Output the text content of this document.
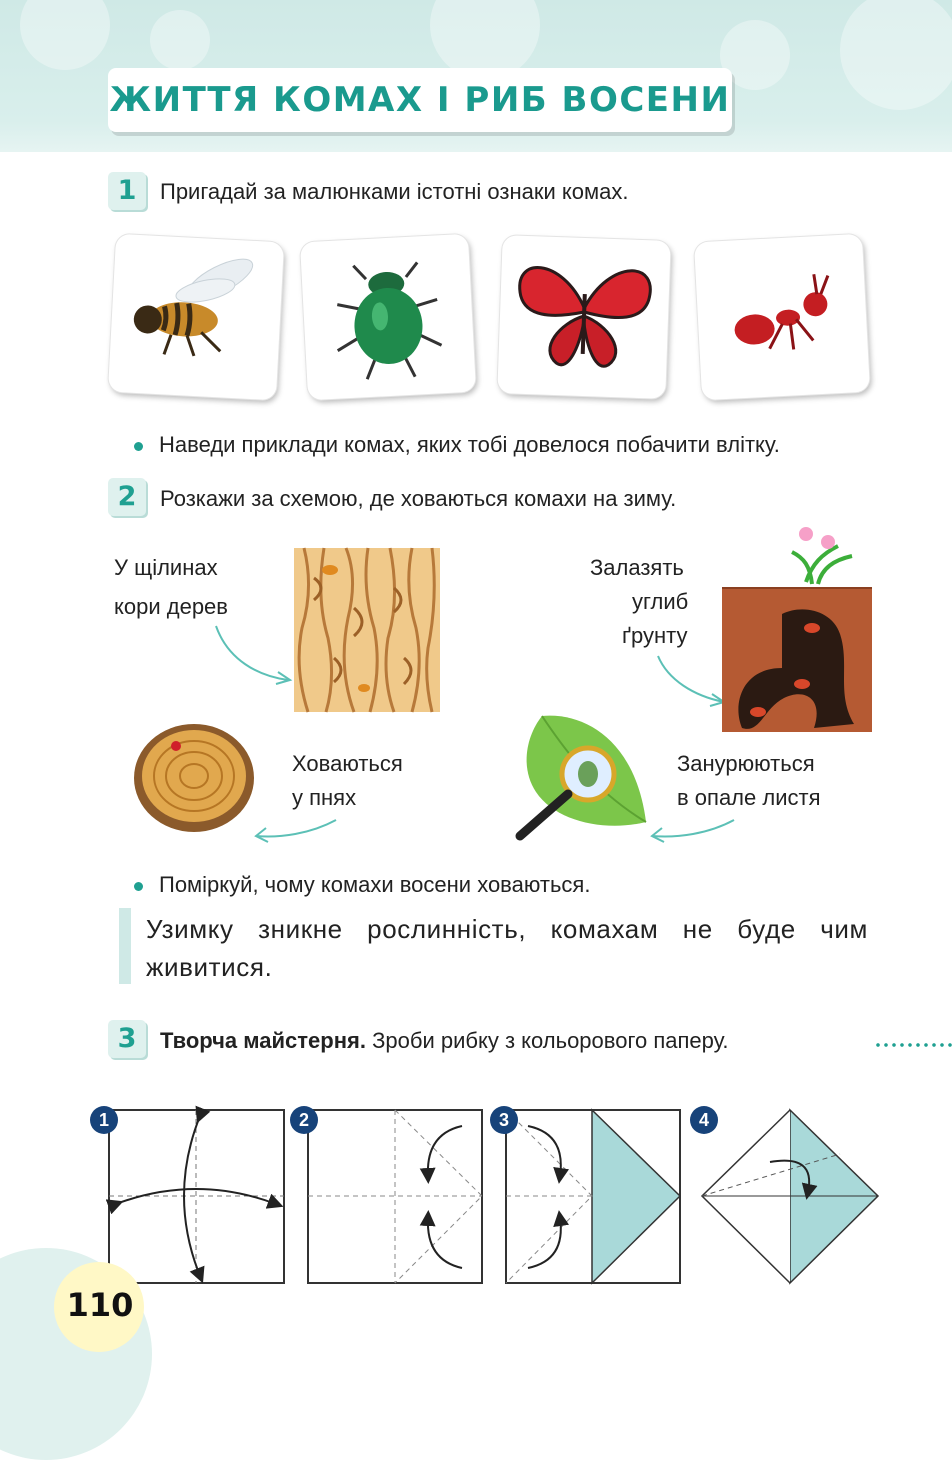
ЖИТТЯ КОМАХ І РИБ ВОСЕНИ
1	Пригадай за малюнками істотні ознаки комах.
Наведи приклади комах, яких тобі довелося побачити влітку.
2	Розкажи за схемою, де ховаються комахи на зиму.
У щілинах
кори дерев
Залазять
углиб
ґрунту
Ховаються
у пнях
Занурюються
в опале листя
Поміркуй, чому комахи восени ховаються.
Узимку зникне рослинність, комахам не буде чим живитися.
3	Творча майстерня. Зроби рибку з кольорового паперу.
1	2	3	4
110
